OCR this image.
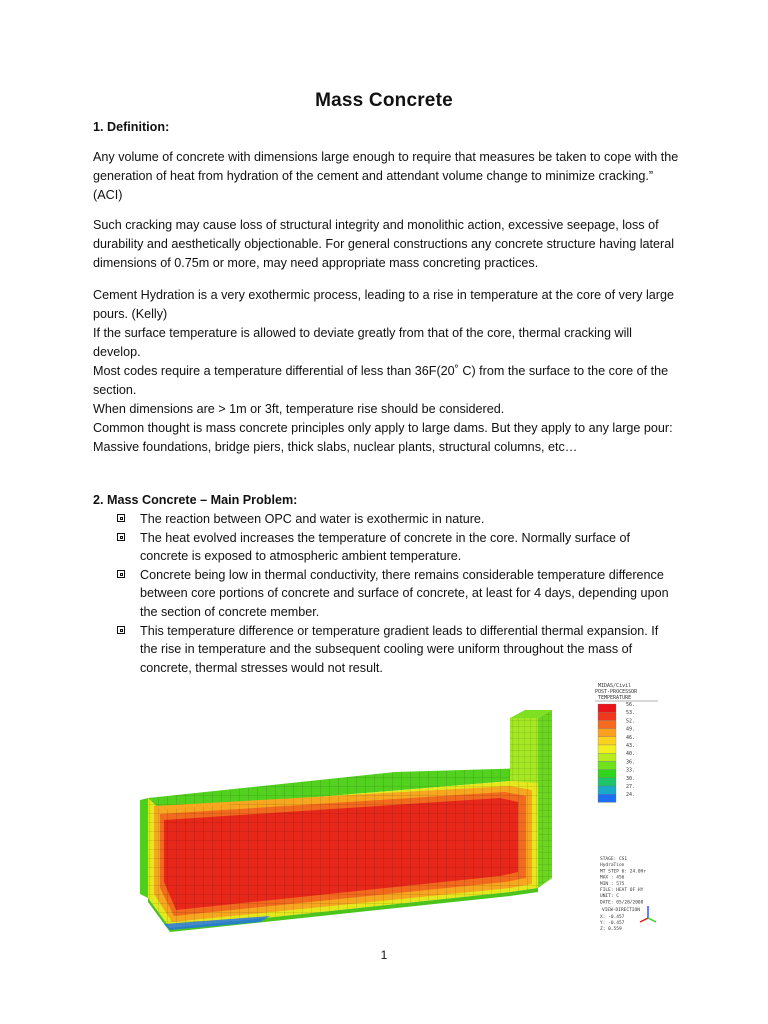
Mass Concrete
1. Definition:

Any volume of concrete with dimensions large enough to require that measures be taken to cope with the generation of heat from hydration of the cement and attendant volume change to minimize cracking.” (ACI)

Such cracking may cause loss of structural integrity and monolithic action, excessive seepage, loss of durability and aesthetically objectionable. For general constructions any concrete structure having lateral dimensions of 0.75m or more, may need appropriate mass concreting practices.

Cement Hydration is a very exothermic process, leading to a rise in temperature at the core of very large pours. (Kelly)

If the surface temperature is allowed to deviate greatly from that of the core, thermal cracking will develop.

Most codes require a temperature differential of less than 36F(20˚ C) from the surface to the core of the section.

When dimensions are > 1m or 3ft, temperature rise should be considered.

Common thought is mass concrete principles only apply to large dams. But they apply to any large pour:

Massive foundations, bridge piers, thick slabs, nuclear plants, structural columns, etc…

2. Mass Concrete – Main Problem:
The reaction between OPC and water is exothermic in nature.
The heat evolved increases the temperature of concrete in the core. Normally surface of concrete is exposed to atmospheric ambient temperature.
Concrete being low in thermal conductivity, there remains considerable temperature difference between core portions of concrete and surface of concrete, at least for 4 days, depending upon the section of concrete member.
This temperature difference or temperature gradient leads to differential thermal expansion. If the rise in temperature and the subsequent cooling were uniform throughout the mass of concrete, thermal stresses would not result.
MIDAS/Civil
POST-PROCESSOR
TEMPERATURE
56.
53.
52.
49.
46.
43.
40.
36.
33.
30.
27.
24.
STAGE: CS1
HydraTion
MT STEP 6: 24.0Hr
MAX : 456
MIN : 575
FILE: HEAT OF HY
UNIT: C
DATE: 05/28/2008
VIEW-DIRECTION
X: -0.457
Y: -0.457
Z: 0.559
1
